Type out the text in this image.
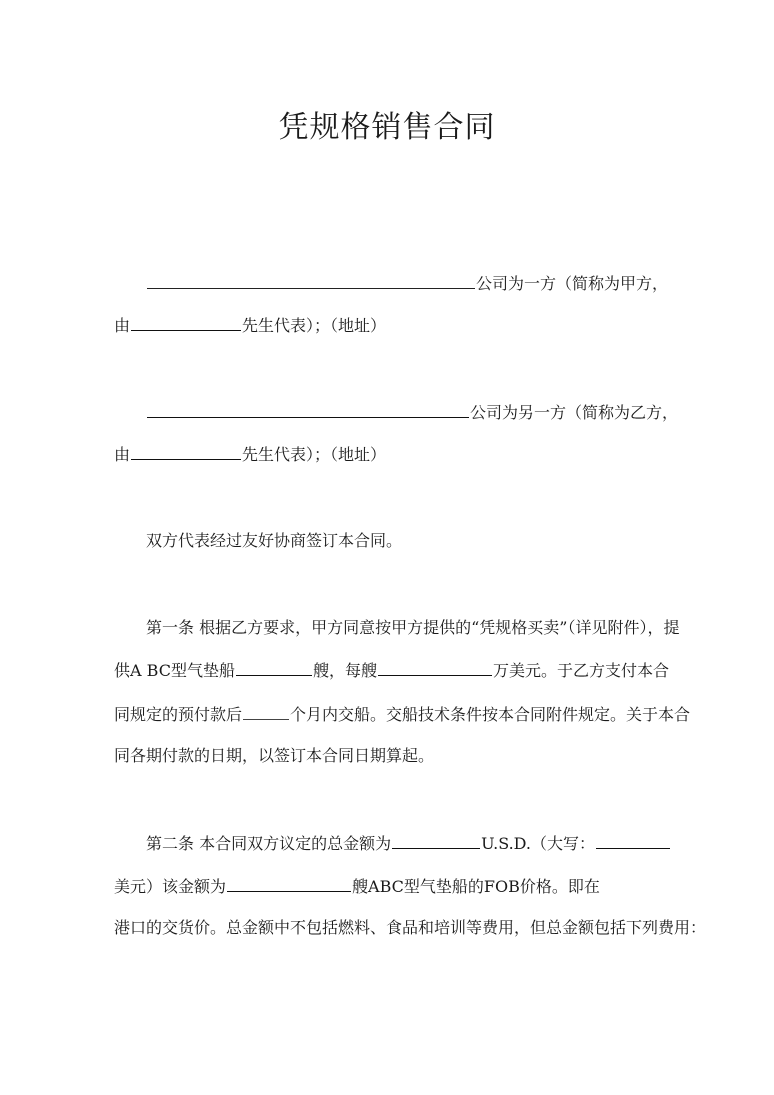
凭规格销售合同
公司为一方（简称为甲方，
由	先生代表）；（地址）
公司为另一方（简称为乙方，
由	先生代表）；（地址）
双方代表经过友好协商签订本合同。
第一条 根据乙方要求，甲方同意按甲方提供的“凭规格买卖”（详见附件），提
供A BC型气垫船	艘，每艘	万美元。于乙方支付本合
同规定的预付款后	个月内交船。交船技术条件按本合同附件规定。关于本合
同各期付款的日期，以签订本合同日期算起。
第二条 本合同双方议定的总金额为	U.S.D.（大写：
美元）该金额为	艘ABC型气垫船的FOB价格。即在
港口的交货价。总金额中不包括燃料、食品和培训等费用，但总金额包括下列费用：
